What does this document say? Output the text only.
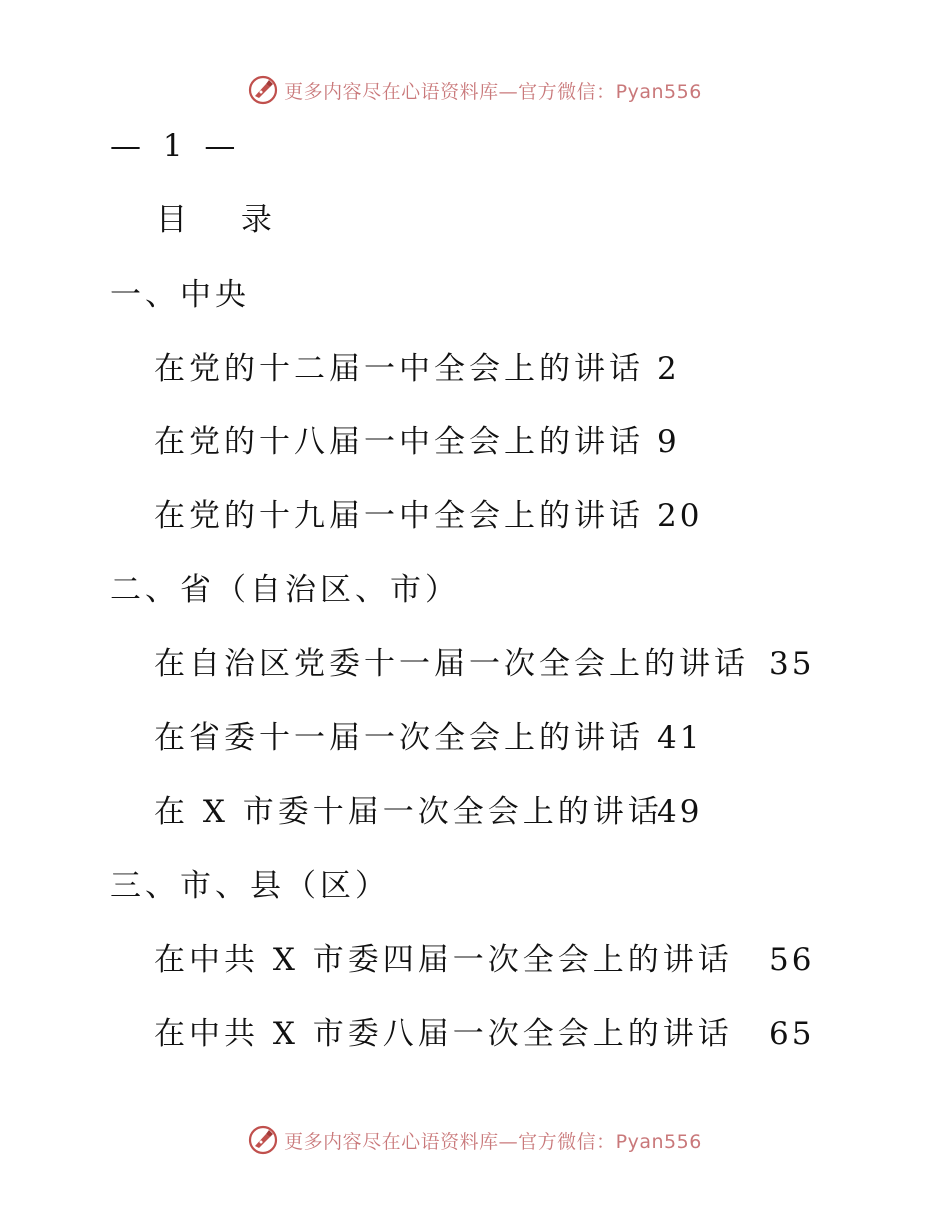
更多内容尽在心语资料库—官方微信：Pyan556
— 1 —
目 录
一、中央
在党的十二届一中全会上的讲话 2
在党的十八届一中全会上的讲话 9
在党的十九届一中全会上的讲话 20
二、省（自治区、市）
在自治区党委十一届一次全会上的讲话 35
在省委十一届一次全会上的讲话 41
在 X 市委十届一次全会上的讲话
49
三、市、县（区）
在中共 X 市委四届一次全会上的讲话 56
在中共 X 市委八届一次全会上的讲话 65
更多内容尽在心语资料库—官方微信：Pyan556
